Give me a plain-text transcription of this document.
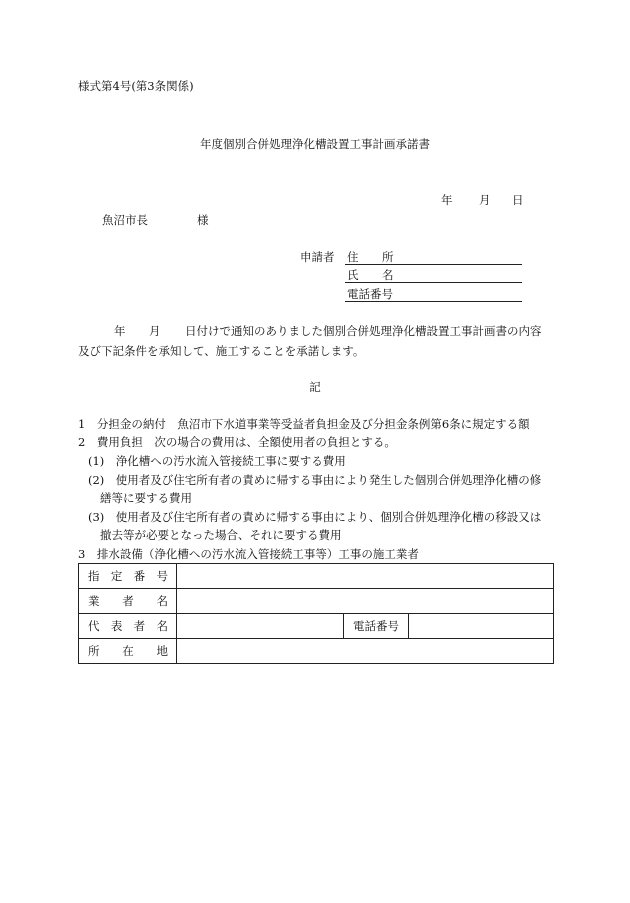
様式第4号(第3条関係)
年度個別合併処理浄化槽設置工事計画承諾書
年 月 日
魚沼市長	様
申請者 住 所
氏 名
電話番号
年 月 日付けで通知のありました個別合併処理浄化槽設置工事計画書の内容
及び下記条件を承知して、施工することを承諾します。
記
1　分担金の納付　魚沼市下水道事業等受益者負担金及び分担金条例第6条に規定する額
2　費用負担　次の場合の費用は、全額使用者の負担とする。
(1)　浄化槽への汚水流入管接続工事に要する費用
(2)　使用者及び住宅所有者の責めに帰する事由により発生した個別合併処理浄化槽の修
繕等に要する費用
(3)　使用者及び住宅所有者の責めに帰する事由により、個別合併処理浄化槽の移設又は
撤去等が必要となった場合、それに要する費用
3　排水設備（浄化槽への汚水流入管接続工事等）工事の施工業者
指 定 番 号			

業 者 名			

代 表 者 名		電話番号	

所 在 地			
